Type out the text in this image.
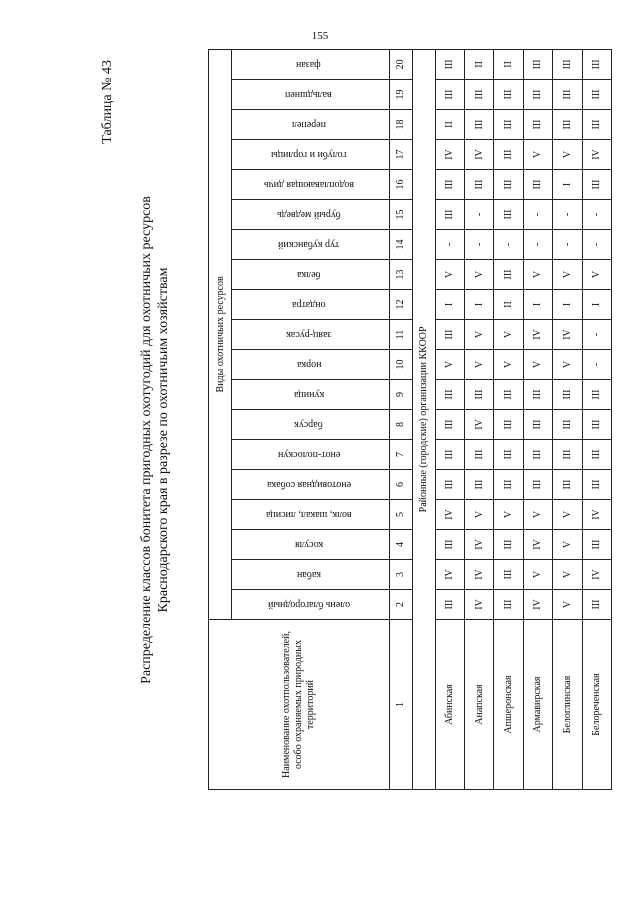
155
Таблица № 43
Распределение классов бонитета пригодных охотугодий для охотничьих ресурсов Краснодарского края в разрезе по охотничьим хозяйствам
Наименование охотпользователей, особо охраняемых природных территорий	Виды охотничьих ресурсов																		
	олень благородный	кабан	косуля	волк, шакал, лисица	енотовидная собака	енот-полоскун	барсук	куница	норка	заяц-русак	ондатра	белка	тур кубанский	бурый медведь	водоплавающая дичь	голуби и горлицы	перепел	вальдшнеп	фазан
1	2	3	4	5	6	7	8	9	10	11	12	13	14	15	16	17	18	19	20
Районные (городские) организации ККООР																			
Абинская	III	IV	III	IV	III	III	III	III	V	III	I	V	-	III	III	IV	II	III	III
Анапская	IV	IV	IV	V	III	III	IV	III	V	V	I	V	-	-	III	IV	III	III	II
Апшеронская	III	III	III	V	III	III	III	III	V	V	II	III	-	III	III	III	III	III	II
Армавирская	IV	V	IV	V	III	III	III	III	V	IV	I	V	-	-	III	V	III	III	III
Белоглинская	V	V	V	V	III	III	III	III	V	IV	I	V	-	-	I	V	III	III	III
Белореченская	III	IV	III	IV	III	III	III	III	-	-	I	V	-	-	III	IV	III	III	III
